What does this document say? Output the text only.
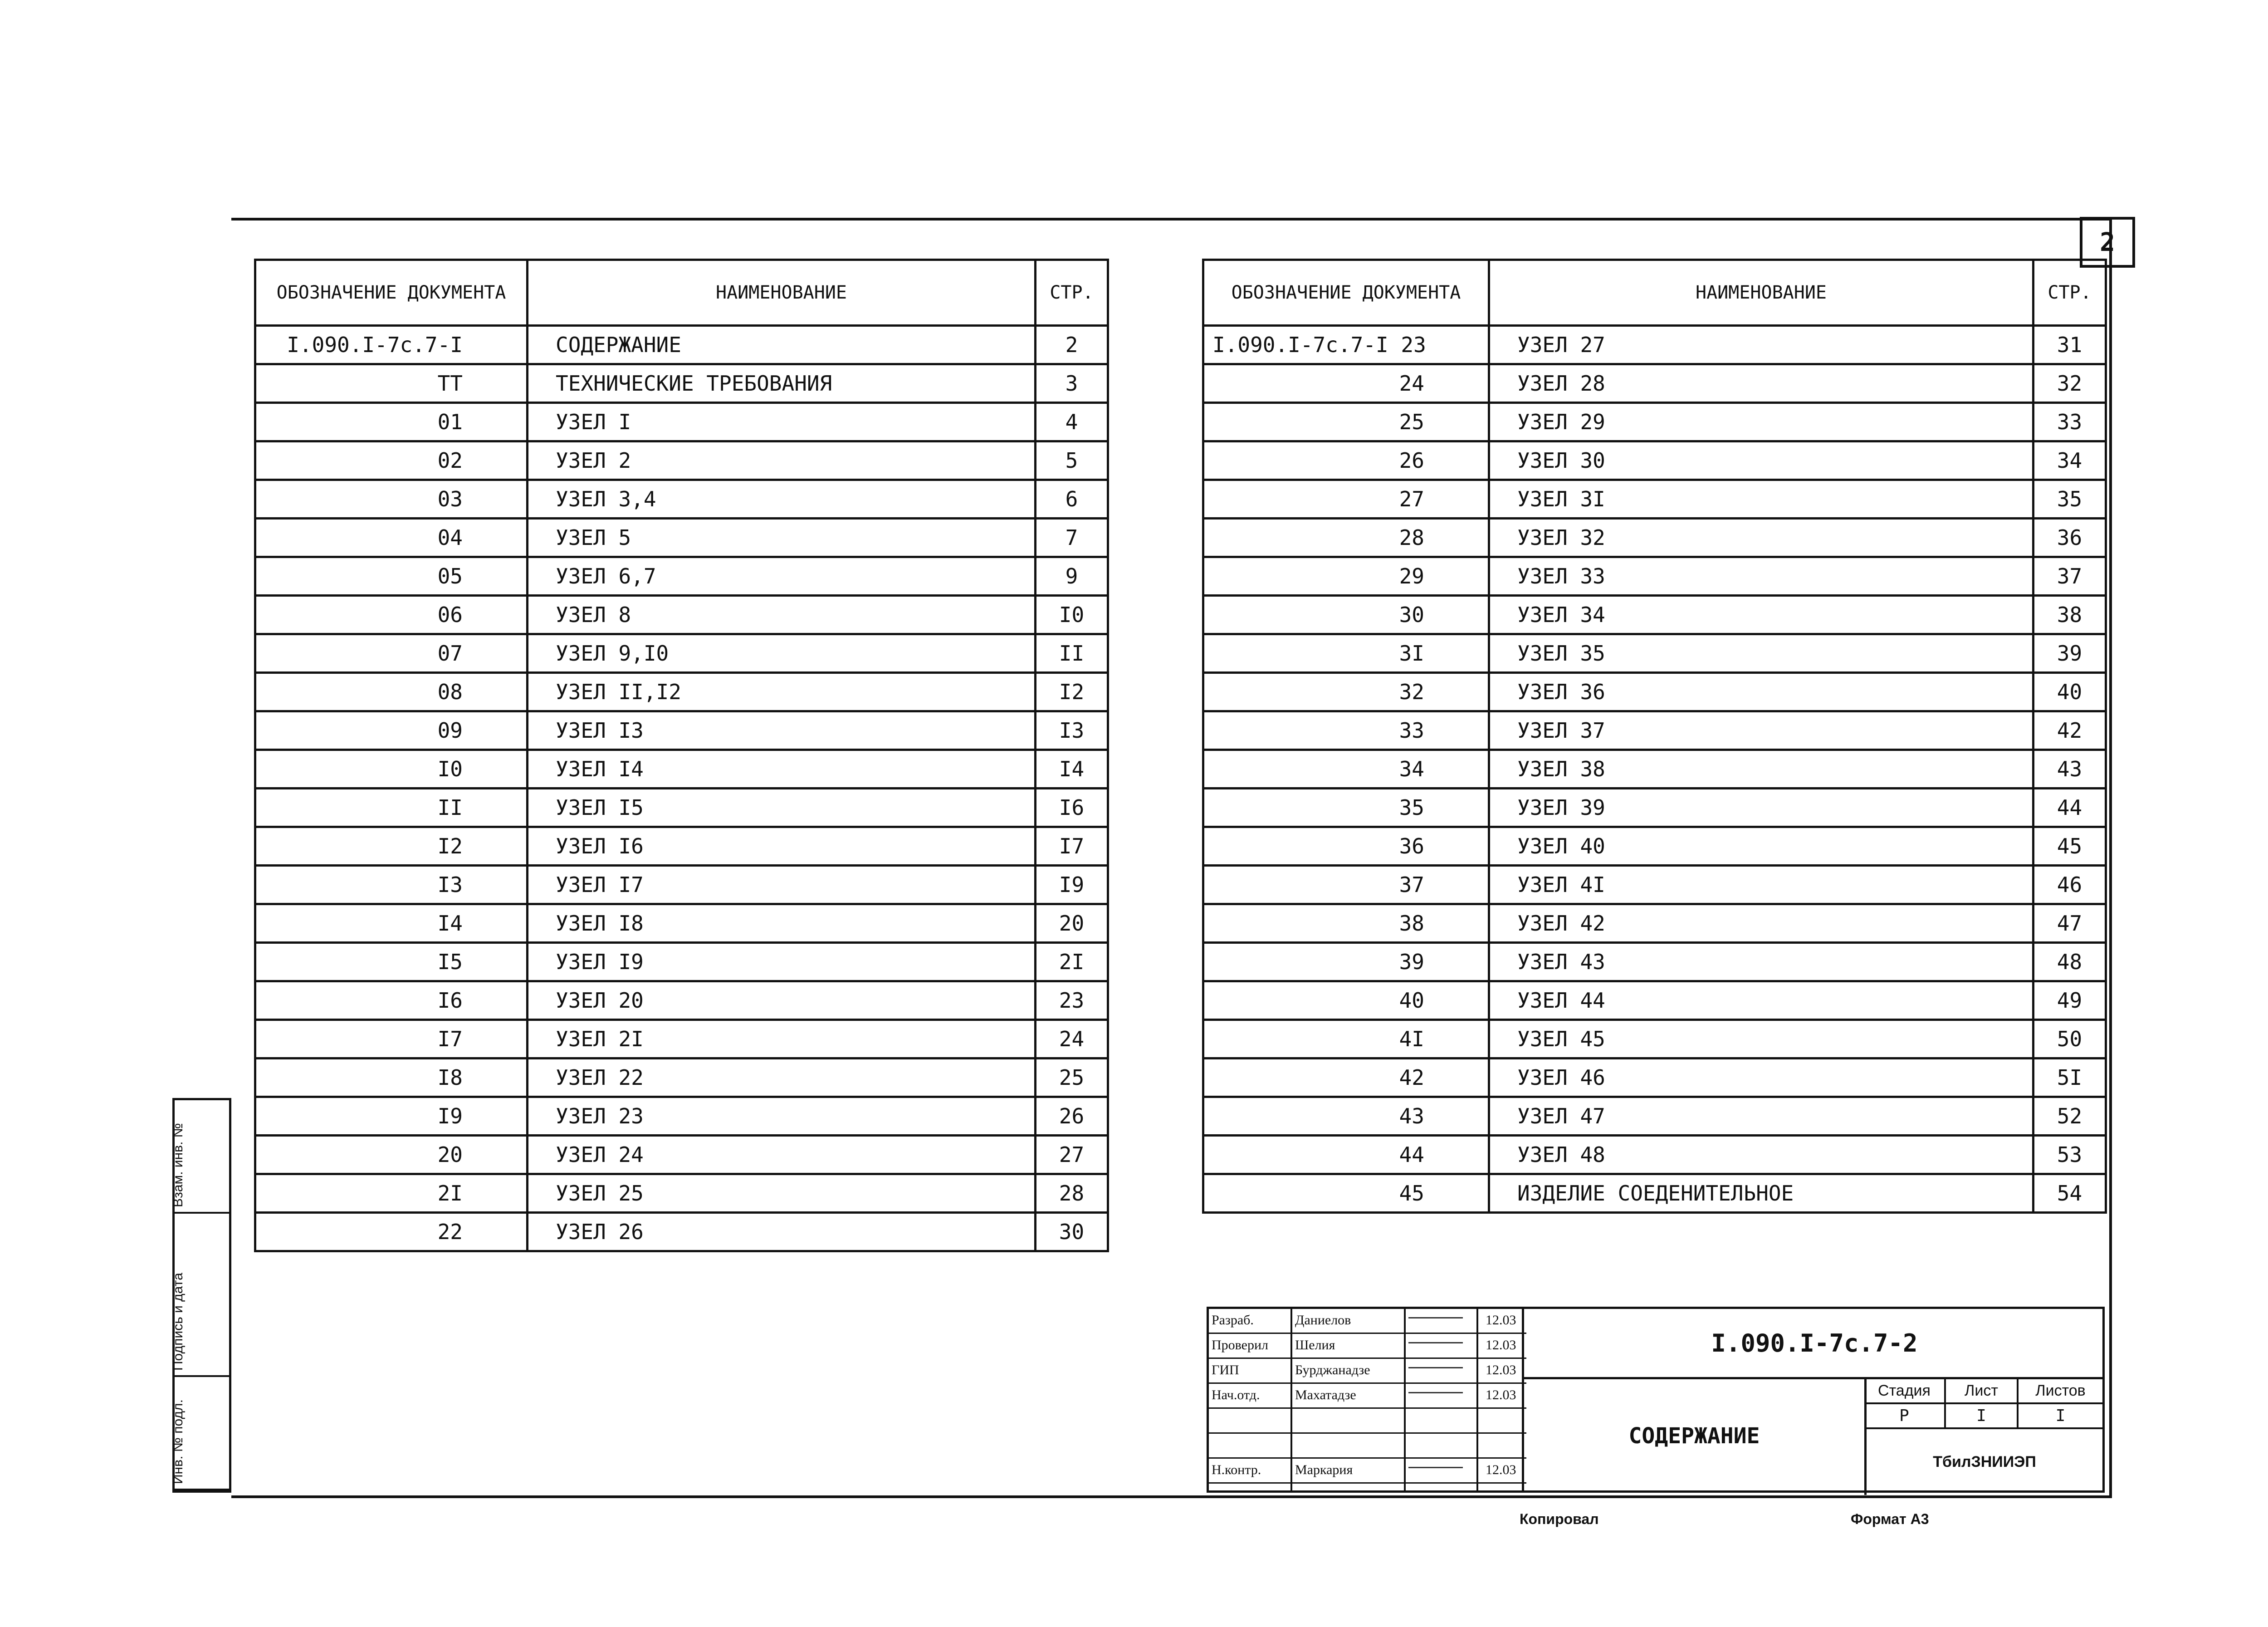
2
ОБОЗНАЧЕНИЕ ДОКУМЕНТА	НАИМЕНОВАНИЕ	СТР.
I.090.I-7c.7-I	СОДЕРЖАНИЕ	2
ТТ	ТЕХНИЧЕСКИЕ ТРЕБОВАНИЯ	3
01	УЗЕЛ I	4
02	УЗЕЛ 2	5
03	УЗЕЛ 3,4	6
04	УЗЕЛ 5	7
05	УЗЕЛ 6,7	9
06	УЗЕЛ 8	I0
07	УЗЕЛ 9,I0	II
08	УЗЕЛ II,I2	I2
09	УЗЕЛ I3	I3
I0	УЗЕЛ I4	I4
II	УЗЕЛ I5	I6
I2	УЗЕЛ I6	I7
I3	УЗЕЛ I7	I9
I4	УЗЕЛ I8	20
I5	УЗЕЛ I9	2I
I6	УЗЕЛ 20	23
I7	УЗЕЛ 2I	24
I8	УЗЕЛ 22	25
I9	УЗЕЛ 23	26
20	УЗЕЛ 24	27
2I	УЗЕЛ 25	28
22	УЗЕЛ 26	30
ОБОЗНАЧЕНИЕ ДОКУМЕНТА	НАИМЕНОВАНИЕ	СТР.
I.090.I-7c.7-I 23	УЗЕЛ 27	31
24	УЗЕЛ 28	32
25	УЗЕЛ 29	33
26	УЗЕЛ 30	34
27	УЗЕЛ 3I	35
28	УЗЕЛ 32	36
29	УЗЕЛ 33	37
30	УЗЕЛ 34	38
3I	УЗЕЛ 35	39
32	УЗЕЛ 36	40
33	УЗЕЛ 37	42
34	УЗЕЛ 38	43
35	УЗЕЛ 39	44
36	УЗЕЛ 40	45
37	УЗЕЛ 4I	46
38	УЗЕЛ 42	47
39	УЗЕЛ 43	48
40	УЗЕЛ 44	49
4I	УЗЕЛ 45	50
42	УЗЕЛ 46	5I
43	УЗЕЛ 47	52
44	УЗЕЛ 48	53
45	ИЗДЕЛИЕ СОЕДЕНИТЕЛЬНОЕ	54
Разраб.	Даниелов	12.03
Проверил Шелия	12.03
ГИП	Бурджанадзе	12.03
Нач.отд.	Махатадзе	12.03
Н.контр. Маркария	12.03
I.090.I-7c.7-2
СОДЕРЖАНИЕ
Стадия	Лист	Листов
Р	I	I
ТбилЗНИИЭП
Взам. инв. №
Подпись и дата
Инв. № подл.
Копировал	Формат А3
